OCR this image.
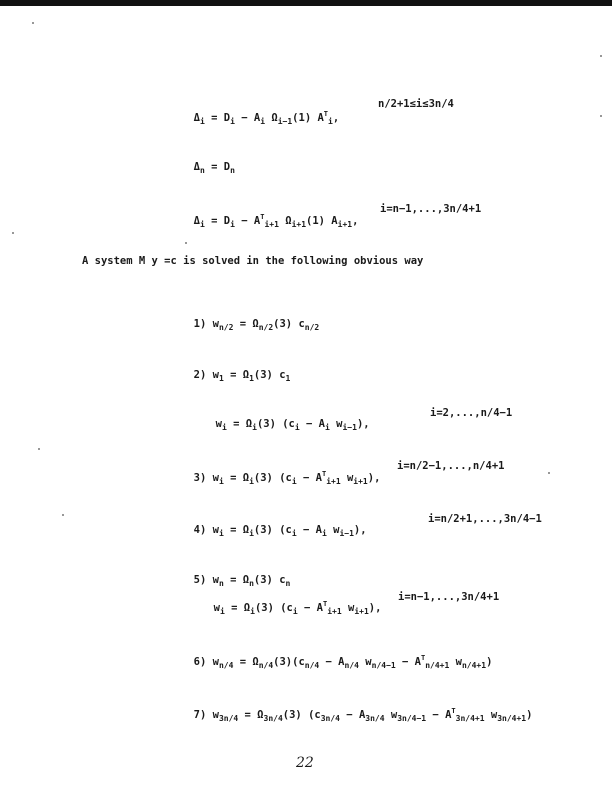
$\Delta_i = D_i - A_i$ $\Omega_{i-1}(1)$ $A^T_i$,

n/2+1≤i≤3n/4

$\Delta_n = D_n$

$\Delta_i = D_i - A^T_{i+1}$ $\Omega_{i+1}(1)$ $A_{i+1}$,

i=n−1,...,3n/4+1
A system M y =c is solved in the following obvious way

1) $w_{n/2} = \Omega_{n/2}(3)$ $c_{n/2}$

2) $w_1 = \Omega_1(3)$ $c_1$

$w_i = \Omega_i(3) (c_i - A_i$ $w_{i-1}$),

i=2,...,n/4−1

3) $w_i = \Omega_i(3) (c_i - A^T_{i+1}$ $w_{i+1}$),

i=n/2−1,...,n/4+1

4) $w_i = \Omega_i(3) (c_i - A_i$ $w_{i-1}$),

i=n/2+1,...,3n/4−1

5) $w_n = \Omega_n(3)$ $c_n$

$w_i = \Omega_i(3) (c_i - A^T_{i+1}$ $w_{i+1}$),

i=n−1,...,3n/4+1

6) $w_{n/4} = \Omega_{n/4}(3)(c_{n/4} - A_{n/4}$ $w_{n/4-1} - A^T_{n/4+1}$ $w_{n/4+1}$)

7) $w_{3n/4} = \Omega_{3n/4}(3) (c_{3n/4} - A_{3n/4}$ $w_{3n/4-1} - A^T_{3n/4+1}$ $w_{3n/4+1}$)

22
